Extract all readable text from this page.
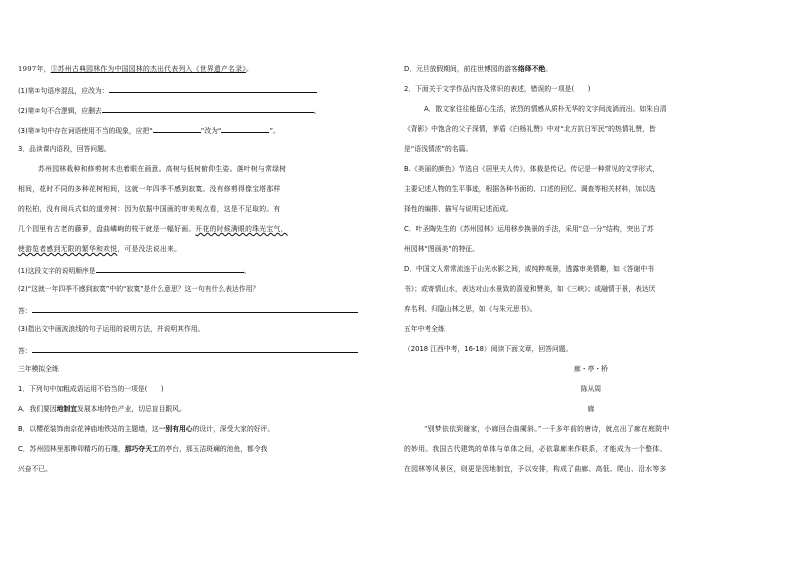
1997年，③苏州古典园林作为中国园林的杰出代表列入《世界遗产名录》。

(1)第①句语序混乱，应改为：

(2)第②句不合逻辑，应删去	。

(3)第③句中存在词语使用不当的现象，应把“	”改为“	”。

3．品读课内语段，回答问题。

苏州园林栽种和修剪树木也着眼在画意。高树与低树俯仰生姿。落叶树与常绿树

相间，花时不同的多种花树相间，这就一年四季不感到寂寞。没有修剪得像宝塔那样

的松柏，没有阅兵式似的道旁树：因为依据中国画的审美观点看，这是不足取的。有

几个园里有古老的藤萝，盘曲嶙峋的枝干就是一幅好画。开花的时候满眼的珠光宝气，

使游览者感到无限的繁华和欢悦，可是没法说出来。

(1)这段文字的说明顺序是	。

(2)“这就一年四季不感到寂寞”中的“寂寞”是什么意思？这一句有什么表达作用？

答：

(3)指出文中画波浪线的句子运用的说明方法，并说明其作用。

答：

三年模拟全练

1．下列句中加粗成语运用不恰当的一项是(　　)

A．我们要因地制宜发展本地特色产业，切忌盲目跟风。

B．以樱花装饰南京花神庙地铁站的主题墙，这一别有用心的设计，深受大家的好评。

C．苏州园林里那榫卯精巧的石雕，那巧夺天工的亭台，那玉洁斑斓的池鱼，都令我

兴奋不已。

D．元旦放假期间，前往世博园的游客络绎不绝。

2．下面关于文学作品内容及常识的表述，错误的一项是(　　)

A．散文家往往能留心生活，浓烈的情感从质朴无华的文字间流淌而出。如朱自清

《背影》中饱含的父子深情，茅盾《白杨礼赞》中对“北方抗日军民”的热情礼赞，皆

是“语浅情浓”的名篇。

B.《美丽的颜色》节选自《居里夫人传》，体裁是传记。传记是一种常见的文学形式，

主要记述人物的生平事迹，根据各种书面的、口述的回忆、调查等相关材料，加以选

择性的编排、描写与说明记述而成。

C．叶圣陶先生的《苏州园林》运用移步换景的手法，采用“总一分”结构，突出了苏

州园林“图画美”的特征。

D．中国文人常常流连于山光水影之间，或纯粹观景，透露审美情趣，如《答谢中书

书》；或寄情山水，表达对山水景致的喜爱和赞美，如《三峡》；或融情于景，表达厌

弃名利、归隐山林之思，如《与朱元思书》。

五年中考全练

（2018 江西中考，16-18）阅读下面文章，回答问题。

廊・亭・桥

陈从周

廊

“别梦依依到谢家，小廊回合曲阑斜。”一千多年前的唐诗，就点出了廊在庭院中

的妙用。我国古代建筑的单体与单体之间，必依靠廊来作联系，才能成为一个整体。

在园林等风景区，则更是因地制宜，予以安排，构成了曲廊、高低、爬山、沿水等多
